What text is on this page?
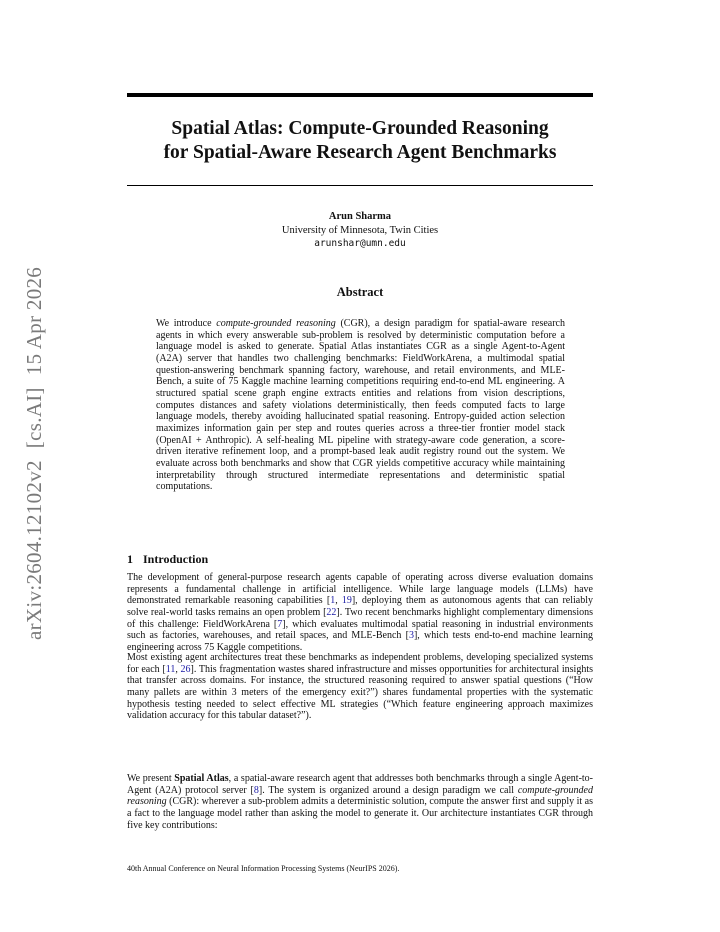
arXiv:2604.12102v2[cs.AI]15 Apr 2026
Spatial Atlas: Compute-Grounded Reasoning
for Spatial-Aware Research Agent Benchmarks
Arun Sharma
University of Minnesota, Twin Cities
arunshar@umn.edu
Abstract
We introduce compute-grounded reasoning (CGR), a design paradigm for spatial-aware research agents in which every answerable sub-problem is resolved by deterministic computation before a language model is asked to generate. Spatial Atlas instantiates CGR as a single Agent-to-Agent (A2A) server that handles two challenging benchmarks: FieldWorkArena, a multimodal spatial question-answering benchmark spanning factory, warehouse, and retail environments, and MLE-Bench, a suite of 75 Kaggle machine learning competitions requiring end-to-end ML engineering. A structured spatial scene graph engine extracts entities and relations from vision descriptions, computes distances and safety violations deterministically, then feeds computed facts to large language models, thereby avoiding hallucinated spatial reasoning. Entropy-guided action selection maximizes information gain per step and routes queries across a three-tier frontier model stack (OpenAI + Anthropic). A self-healing ML pipeline with strategy-aware code generation, a score-driven iterative refinement loop, and a prompt-based leak audit registry round out the system. We evaluate across both benchmarks and show that CGR yields competitive accuracy while maintaining interpretability through structured intermediate representations and deterministic spatial computations.
1 Introduction
The development of general-purpose research agents capable of operating across diverse evaluation domains represents a fundamental challenge in artificial intelligence. While large language models (LLMs) have demonstrated remarkable reasoning capabilities [1, 19], deploying them as autonomous agents that can reliably solve real-world tasks remains an open problem [22]. Two recent benchmarks highlight complementary dimensions of this challenge: FieldWorkArena [7], which evaluates multimodal spatial reasoning in industrial environments such as factories, warehouses, and retail spaces, and MLE-Bench [3], which tests end-to-end machine learning engineering across 75 Kaggle competitions.
Most existing agent architectures treat these benchmarks as independent problems, developing specialized systems for each [11, 26]. This fragmentation wastes shared infrastructure and misses opportunities for architectural insights that transfer across domains. For instance, the structured reasoning required to answer spatial questions (“How many pallets are within 3 meters of the emergency exit?”) shares fundamental properties with the systematic hypothesis testing needed to select effective ML strategies (“Which feature engineering approach maximizes validation accuracy for this tabular dataset?”).
We present Spatial Atlas, a spatial-aware research agent that addresses both benchmarks through a single Agent-to-Agent (A2A) protocol server [8]. The system is organized around a design paradigm we call compute-grounded reasoning (CGR): wherever a sub-problem admits a deterministic solution, compute the answer first and supply it as a fact to the language model rather than asking the model to generate it. Our architecture instantiates CGR through five key contributions:
40th Annual Conference on Neural Information Processing Systems (NeurIPS 2026).
